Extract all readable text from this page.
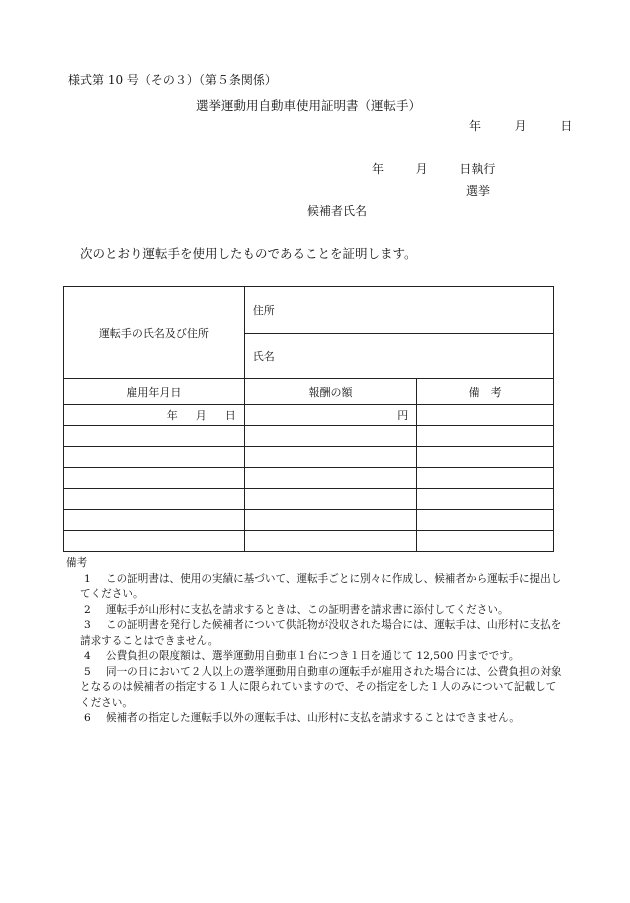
様式第 10 号（その３）（第５条関係）
選挙運動用自動車使用証明書（運転手）
年	月	日
年	月	日執行
選挙
候補者氏名
次のとおり運転手を使用したものであることを証明します。
運転手の氏名及び住所	住所	
	氏名	
雇用年月日	報酬の額	備　考

年 月 日	円	

備考
1	この証明書は、使用の実績に基づいて、運転手ごとに別々に作成し、候補者から運転手に提出してください。
2	運転手が山形村に支払を請求するときは、この証明書を請求書に添付してください。
3	この証明書を発行した候補者について供託物が没収された場合には、運転手は、山形村に支払を請求することはできません。
4	公費負担の限度額は、選挙運動用自動車１台につき１日を通じて 12,500 円までです。
5	同一の日において２人以上の選挙運動用自動車の運転手が雇用された場合には、公費負担の対象となるのは候補者の指定する１人に限られていますので、その指定をした１人のみについて記載してください。
6	候補者の指定した運転手以外の運転手は、山形村に支払を請求することはできません。
